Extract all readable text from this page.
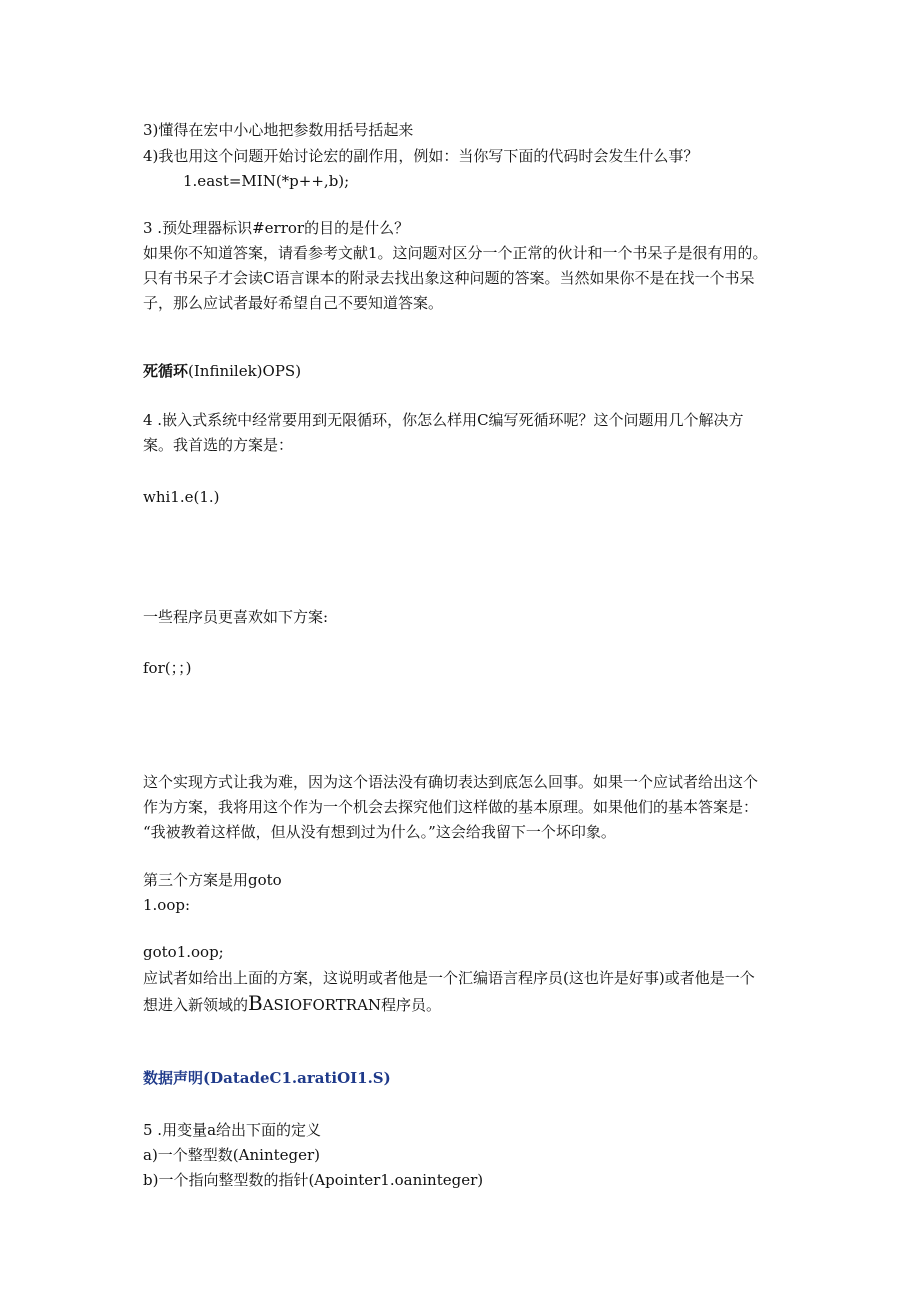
3)懂得在宏中小心地把参数用括号括起来
4)我也用这个问题开始讨论宏的副作用，例如：当你写下面的代码时会发生什么事？
1.east=MIN(*p++,b);
3 .预处理器标识#error的目的是什么？
如果你不知道答案，请看参考文献1。这问题对区分一个正常的伙计和一个书呆子是很有用的。
只有书呆子才会读C语言课本的附录去找出象这种问题的答案。当然如果你不是在找一个书呆
子，那么应试者最好希望自己不要知道答案。
死循环(Infinilek)OPS)
4 .嵌入式系统中经常要用到无限循环，你怎么样用C编写死循环呢？这个问题用几个解决方
案。我首选的方案是：
whi1.e(1.)
一些程序员更喜欢如下方案:
for(；；)
这个实现方式让我为难，因为这个语法没有确切表达到底怎么回事。如果一个应试者给出这个
作为方案，我将用这个作为一个机会去探究他们这样做的基本原理。如果他们的基本答案是：
“我被教着这样做，但从没有想到过为什么。”这会给我留下一个坏印象。
第三个方案是用goto
1.oop:
goto1.oop;
应试者如给出上面的方案，这说明或者他是一个汇编语言程序员(这也许是好事)或者他是一个
想进入新领域的BASIOFORTRAN程序员。
数据声明(DatadeC1.aratiOI1.S)
5 .用变量a给出下面的定义
a)一个整型数(Aninteger)
b)一个指向整型数的指针(Apointer1.oaninteger)
